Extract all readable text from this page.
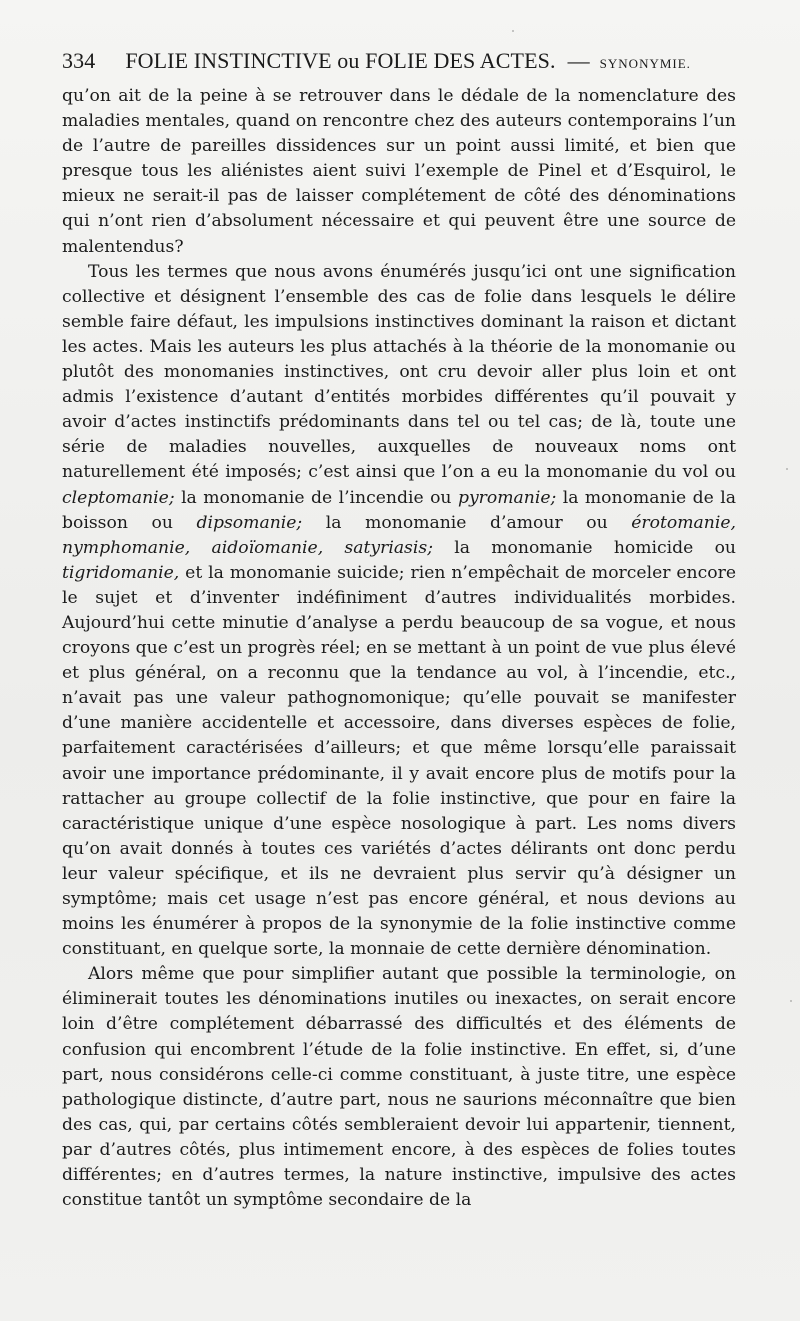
334 FOLIE INSTINCTIVE ou FOLIE DES ACTES. — SYNONYMIE.

qu’on ait de la peine à se retrouver dans le dédale de la nomenclature des maladies mentales, quand on rencontre chez des auteurs contemporains l’un de l’autre de pareilles dissidences sur un point aussi limité, et bien que presque tous les aliénistes aient suivi l’exemple de Pinel et d’Esquirol, le mieux ne serait-il pas de laisser complétement de côté des dénominations qui n’ont rien d’absolument nécessaire et qui peuvent être une source de malentendus?

Tous les termes que nous avons énumérés jusqu’ici ont une signification collective et désignent l’ensemble des cas de folie dans lesquels le délire semble faire défaut, les impulsions instinctives dominant la raison et dictant les actes. Mais les auteurs les plus attachés à la théorie de la monomanie ou plutôt des monomanies instinctives, ont cru devoir aller plus loin et ont admis l’existence d’autant d’entités morbides différentes qu’il pouvait y avoir d’actes instinctifs prédominants dans tel ou tel cas; de là, toute une série de maladies nouvelles, auxquelles de nouveaux noms ont naturellement été imposés; c’est ainsi que l’on a eu la monomanie du vol ou cleptomanie; la monomanie de l’incendie ou pyromanie; la monomanie de la boisson ou dipsomanie; la monomanie d’amour ou érotomanie, nymphomanie, aidoïomanie, satyriasis; la monomanie homicide ou tigridomanie, et la monomanie suicide; rien n’empêchait de morceler encore le sujet et d’inventer indéfiniment d’autres individualités morbides. Aujourd’hui cette minutie d’analyse a perdu beaucoup de sa vogue, et nous croyons que c’est un progrès réel; en se mettant à un point de vue plus élevé et plus général, on a reconnu que la tendance au vol, à l’incendie, etc., n’avait pas une valeur pathognomonique; qu’elle pouvait se manifester d’une manière accidentelle et accessoire, dans diverses espèces de folie, parfaitement caractérisées d’ailleurs; et que même lorsqu’elle paraissait avoir une importance prédominante, il y avait encore plus de motifs pour la rattacher au groupe collectif de la folie instinctive, que pour en faire la caractéristique unique d’une espèce nosologique à part. Les noms divers qu’on avait donnés à toutes ces variétés d’actes délirants ont donc perdu leur valeur spécifique, et ils ne devraient plus servir qu’à désigner un symptôme; mais cet usage n’est pas encore général, et nous devions au moins les énumérer à propos de la synonymie de la folie instinctive comme constituant, en quelque sorte, la monnaie de cette dernière dénomination.

Alors même que pour simplifier autant que possible la terminologie, on éliminerait toutes les dénominations inutiles ou inexactes, on serait encore loin d’être complétement débarrassé des difficultés et des éléments de confusion qui encombrent l’étude de la folie instinctive. En effet, si, d’une part, nous considérons celle-ci comme constituant, à juste titre, une espèce pathologique distincte, d’autre part, nous ne saurions méconnaître que bien des cas, qui, par certains côtés sembleraient devoir lui appartenir, tiennent, par d’autres côtés, plus intimement encore, à des espèces de folies toutes différentes; en d’autres termes, la nature instinctive, impulsive des actes constitue tantôt un symptôme secondaire de la
